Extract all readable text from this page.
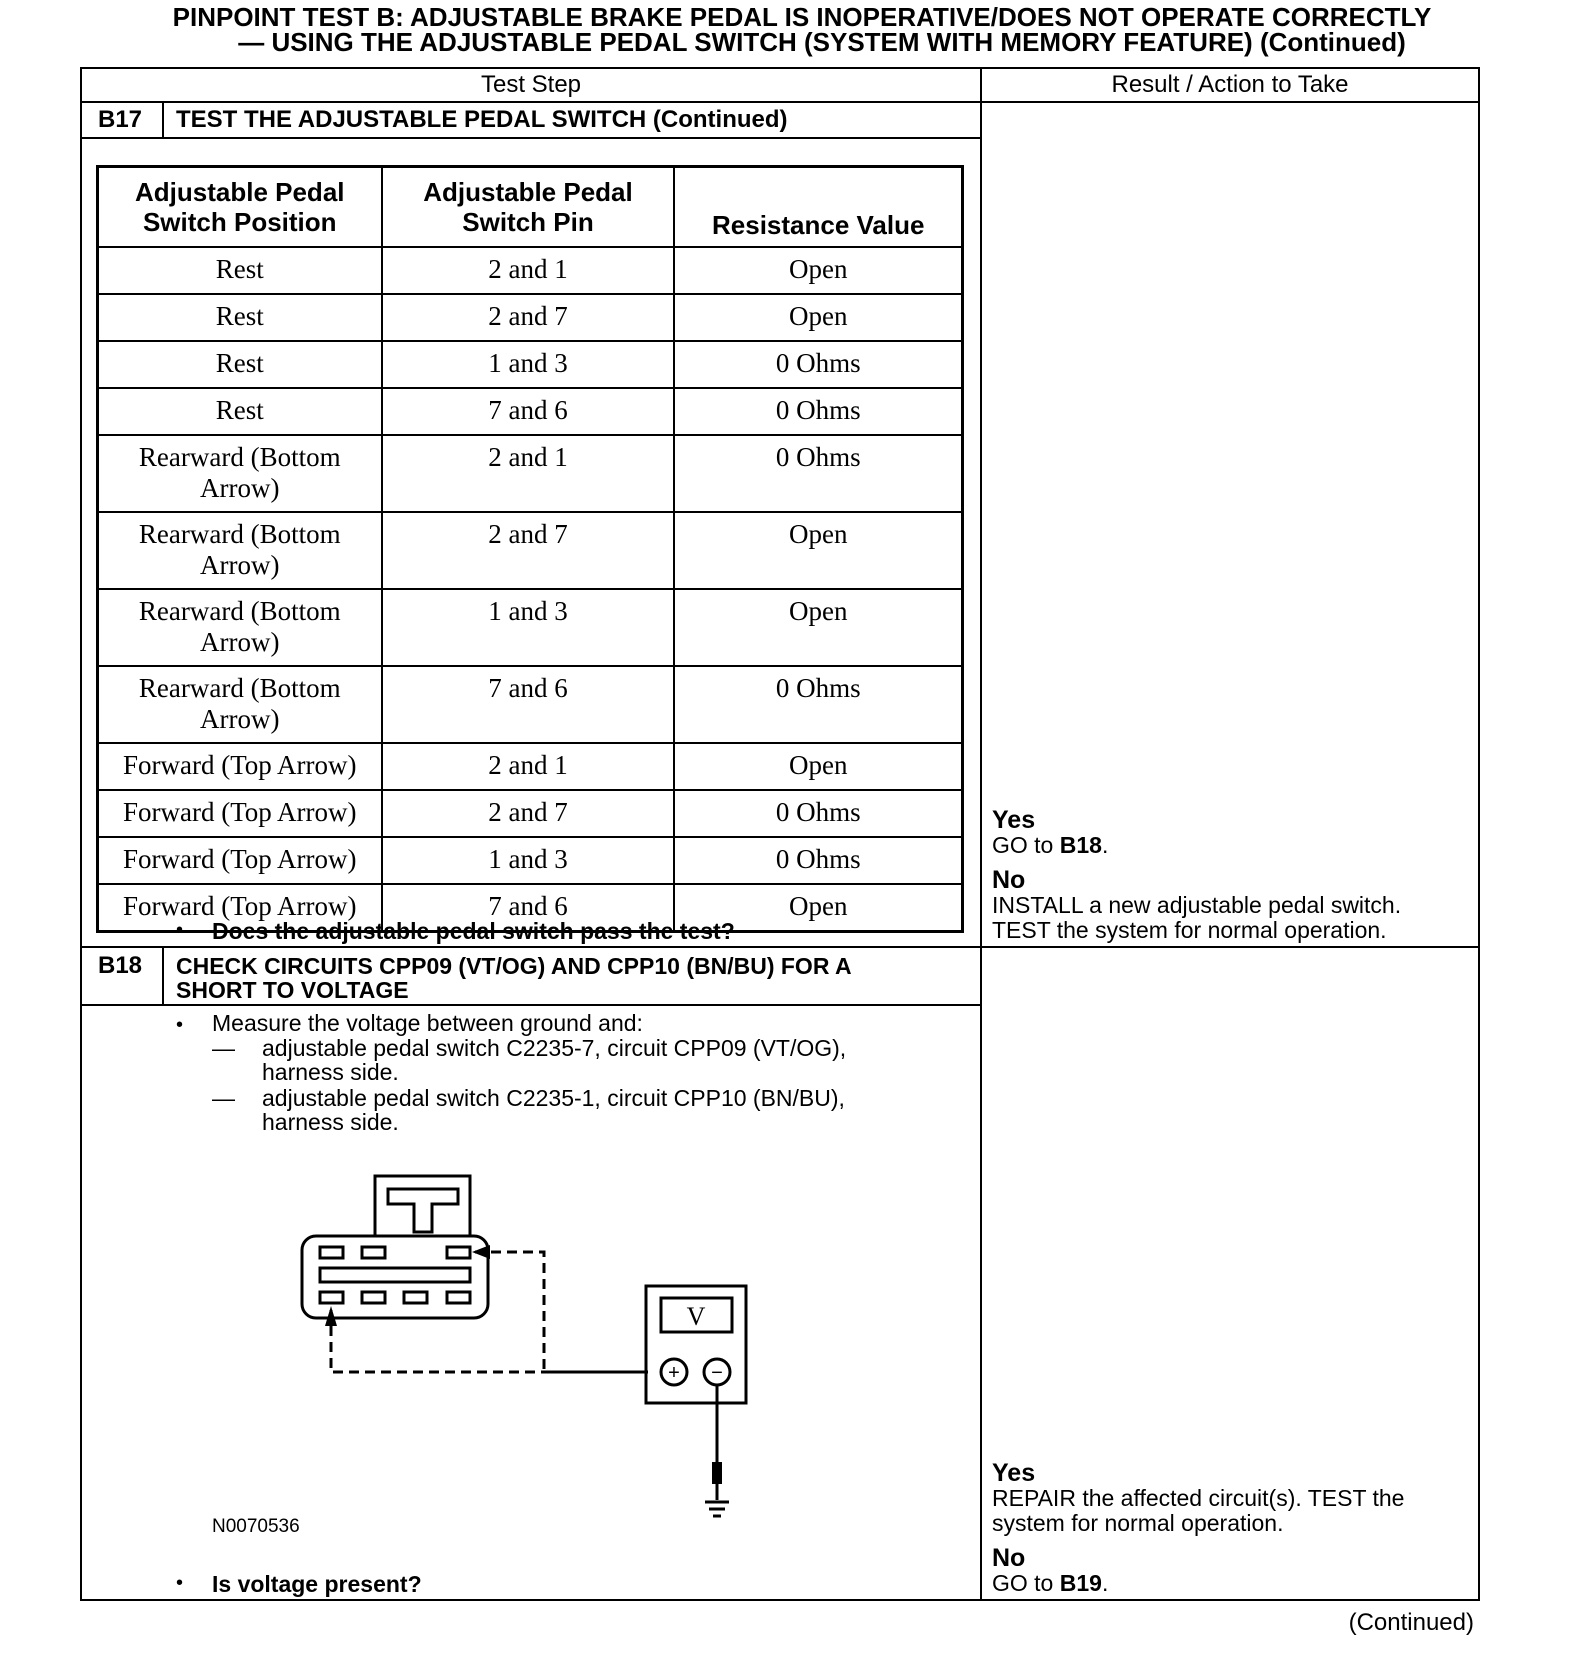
PINPOINT TEST B: ADJUSTABLE BRAKE PEDAL IS INOPERATIVE/DOES NOT OPERATE CORRECTLY
— USING THE ADJUSTABLE PEDAL SWITCH (SYSTEM WITH MEMORY FEATURE) (Continued)
Test Step	Result / Action to Take
B17 TEST THE ADJUSTABLE PEDAL SWITCH (Continued)
Adjustable Pedal Switch Position	Adjustable Pedal Switch Pin	Resistance Value
Rest	2 and 1	Open
Rest	2 and 7	Open
Rest	1 and 3	0 Ohms
Rest	7 and 6	0 Ohms
Rearward (Bottom Arrow)	2 and 1	0 Ohms
Rearward (Bottom Arrow)	2 and 7	Open
Rearward (Bottom Arrow)	1 and 3	Open
Rearward (Bottom Arrow)	7 and 6	0 Ohms
Forward (Top Arrow)	2 and 1	Open
Forward (Top Arrow)	2 and 7	0 Ohms
Forward (Top Arrow)	1 and 3	0 Ohms
Forward (Top Arrow)	7 and 6	Open
• Does the adjustable pedal switch pass the test?
Yes
GO to B18.
No
INSTALL a new adjustable pedal switch.
TEST the system for normal operation.
B18 CHECK CIRCUITS CPP09 (VT/OG) AND CPP10 (BN/BU) FOR A
SHORT TO VOLTAGE
• Measure the voltage between ground and:
— adjustable pedal switch C2235-7, circuit CPP09 (VT/OG),
harness side.
— adjustable pedal switch C2235-1, circuit CPP10 (BN/BU),
harness side.
V
+ −
N0070536
• Is voltage present?
Yes
REPAIR the affected circuit(s). TEST the
system for normal operation.
No
GO to B19.
(Continued)
